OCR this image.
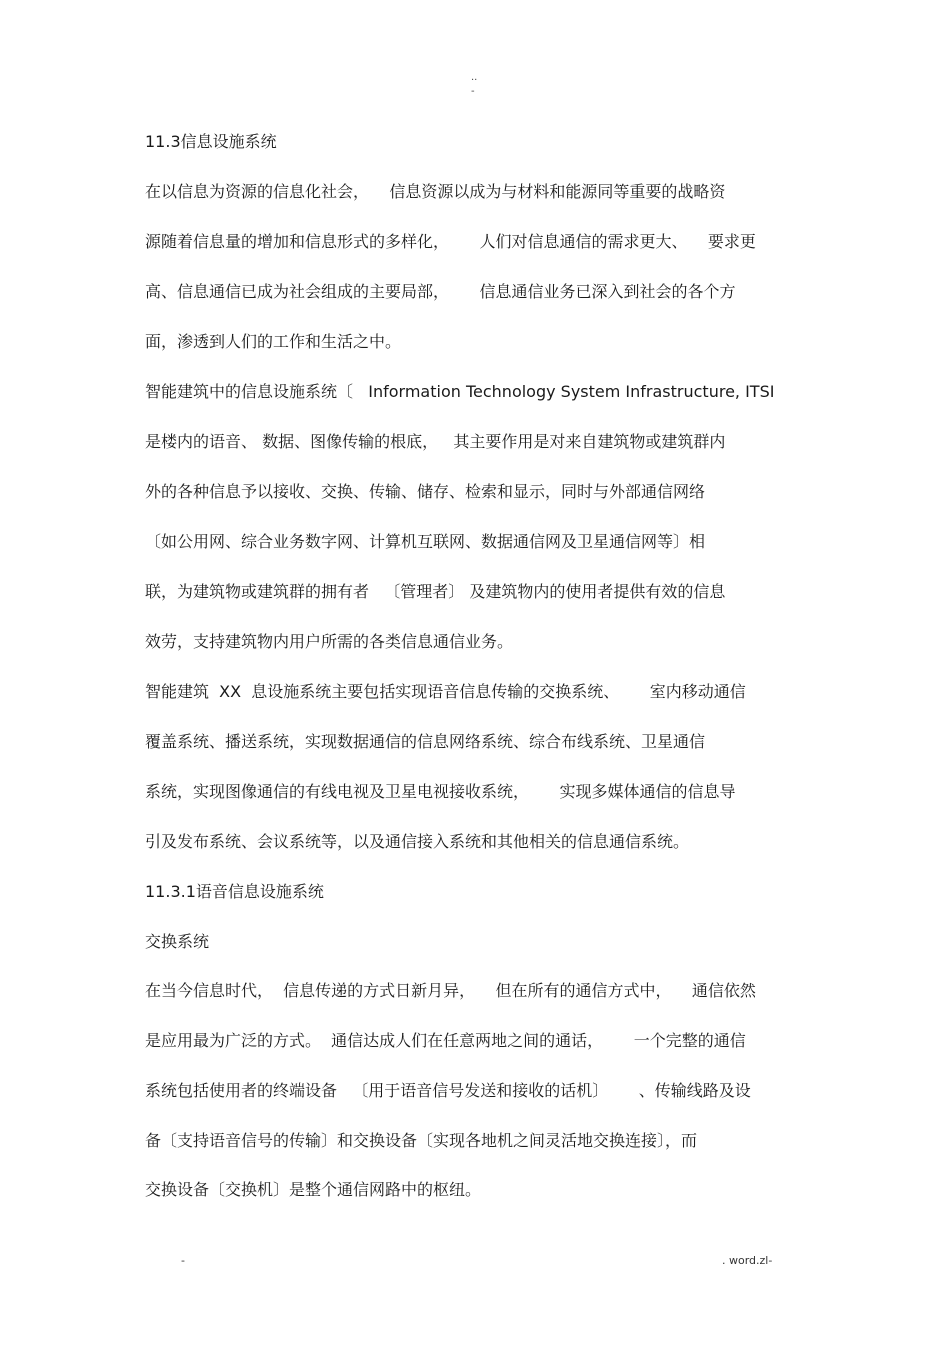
..
-
11.3信息设施系统
在以信息为资源的信息化社会，    信息资源以成为与材料和能源同等重要的战略资
源随着信息量的增加和信息形式的多样化，      人们对信息通信的需求更大、    要求更
高、信息通信已成为社会组成的主要局部，      信息通信业务已深入到社会的各个方
面，渗透到人们的工作和生活之中。
智能建筑中的信息设施系统〔   Information Technology System Infrastructure, ITSI
是楼内的语音、 数据、图像传输的根底，   其主要作用是对来自建筑物或建筑群内
外的各种信息予以接收、交换、传输、储存、检索和显示，同时与外部通信网络
〔如公用网、综合业务数字网、计算机互联网、数据通信网及卫星通信网等〕相
联，为建筑物或建筑群的拥有者   〔管理者〕 及建筑物内的使用者提供有效的信息
效劳，支持建筑物内用户所需的各类信息通信业务。
智能建筑  XX  息设施系统主要包括实现语音信息传输的交换系统、      室内移动通信
覆盖系统、播送系统，实现数据通信的信息网络系统、综合布线系统、卫星通信
系统，实现图像通信的有线电视及卫星电视接收系统，      实现多媒体通信的信息导
引及发布系统、会议系统等，以及通信接入系统和其他相关的信息通信系统。
11.3.1语音信息设施系统
交换系统
在当今信息时代，  信息传递的方式日新月异，    但在所有的通信方式中，    通信依然
是应用最为广泛的方式。  通信达成人们在任意两地之间的通话，      一个完整的通信
系统包括使用者的终端设备   〔用于语音信号发送和接收的话机〕      、传输线路及设
备〔支持语音信号的传输〕和交换设备〔实现各地机之间灵活地交换连接〕，而
交换设备〔交换机〕是整个通信网路中的枢纽。
-	. word.zl-
